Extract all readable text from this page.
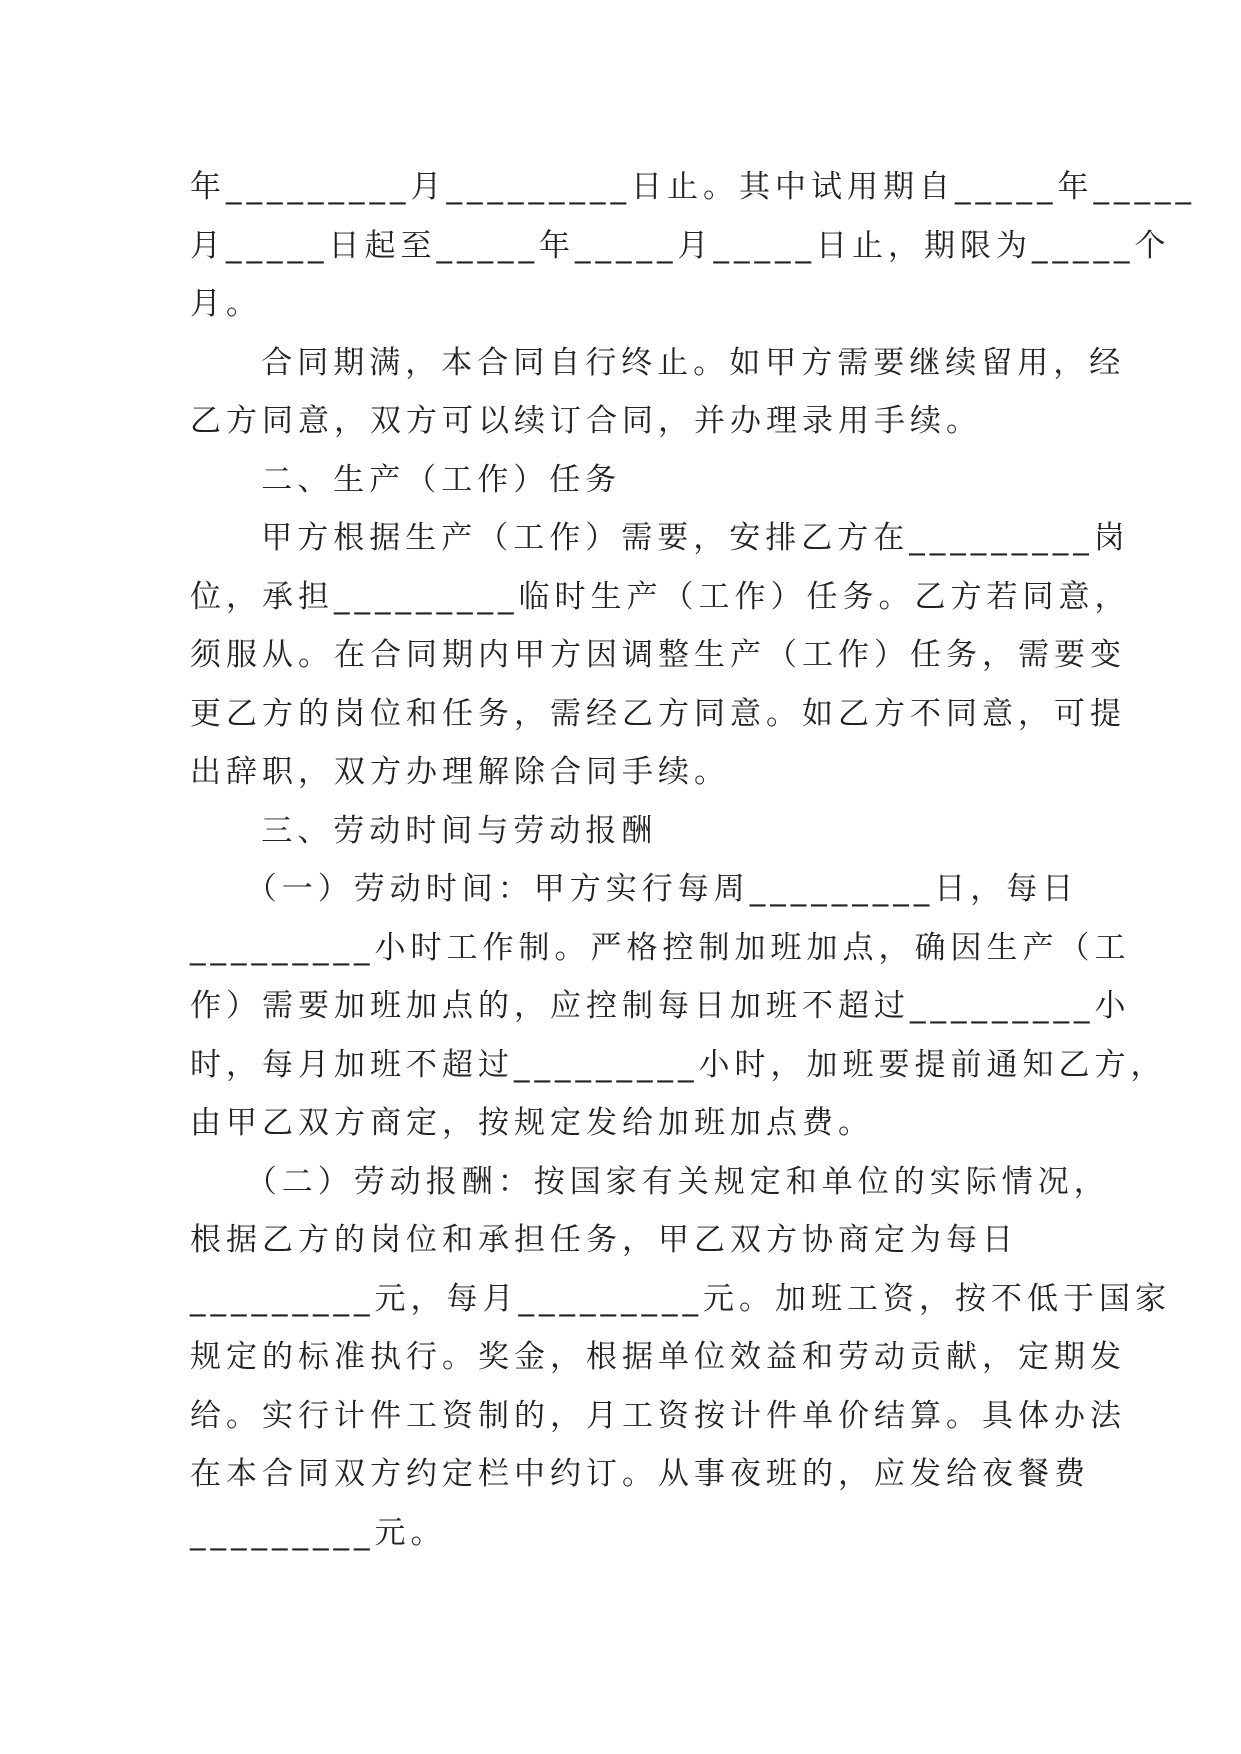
年_________月_________日止。其中试用期自_____年_____
月_____日起至_____年_____月_____日止，期限为_____个
月。
合同期满，本合同自行终止。如甲方需要继续留用，经
乙方同意，双方可以续订合同，并办理录用手续。
二、生产（工作）任务
甲方根据生产（工作）需要，安排乙方在_________岗
位，承担_________临时生产（工作）任务。乙方若同意，
须服从。在合同期内甲方因调整生产（工作）任务，需要变
更乙方的岗位和任务，需经乙方同意。如乙方不同意，可提
出辞职，双方办理解除合同手续。
三、劳动时间与劳动报酬
（一）劳动时间：甲方实行每周_________日，每日
_________小时工作制。严格控制加班加点，确因生产（工
作）需要加班加点的，应控制每日加班不超过_________小
时，每月加班不超过_________小时，加班要提前通知乙方，
由甲乙双方商定，按规定发给加班加点费。
（二）劳动报酬：按国家有关规定和单位的实际情况，
根据乙方的岗位和承担任务，甲乙双方协商定为每日
_________元，每月_________元。加班工资，按不低于国家
规定的标准执行。奖金，根据单位效益和劳动贡献，定期发
给。实行计件工资制的，月工资按计件单价结算。具体办法
在本合同双方约定栏中约订。从事夜班的，应发给夜餐费
_________元。
